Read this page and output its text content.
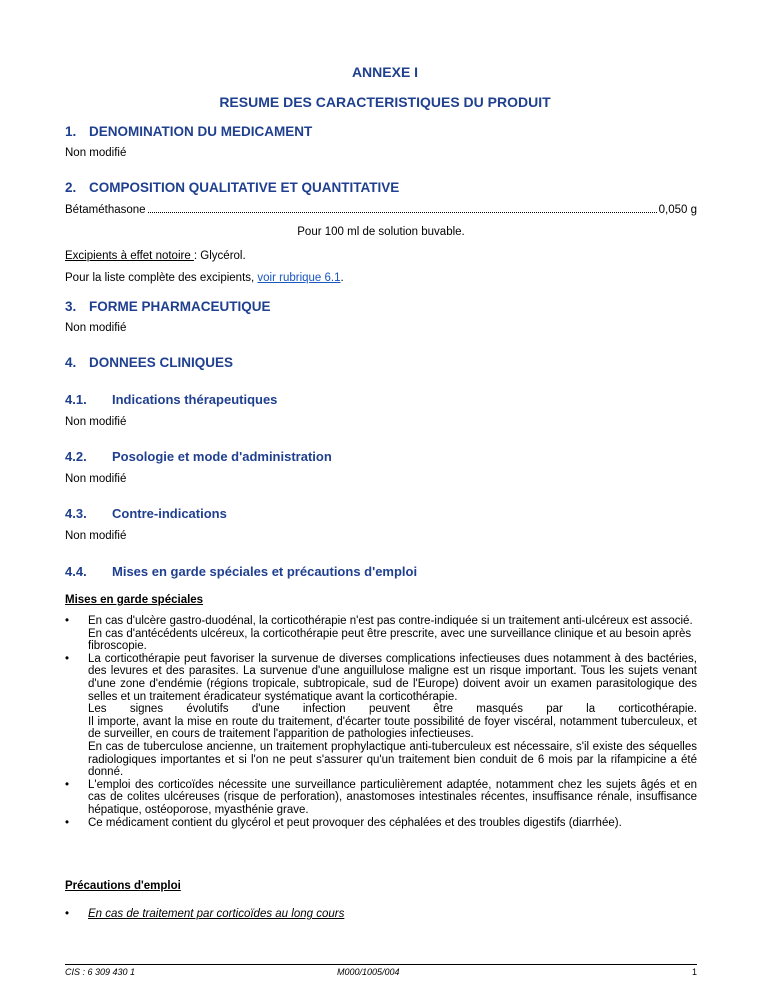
ANNEXE I
RESUME DES CARACTERISTIQUES DU PRODUIT
1. DENOMINATION DU MEDICAMENT
Non modifié
2. COMPOSITION QUALITATIVE ET QUANTITATIVE
Bétaméthasone	0,050 g
Pour 100 ml de solution buvable.
Excipients à effet notoire : Glycérol.
Pour la liste complète des excipients, voir rubrique 6.1.
3. FORME PHARMACEUTIQUE
Non modifié
4. DONNEES CLINIQUES
4.1. Indications thérapeutiques
Non modifié
4.2. Posologie et mode d'administration
Non modifié
4.3. Contre-indications
Non modifié
4.4. Mises en garde spéciales et précautions d'emploi
Mises en garde spéciales
• En cas d'ulcère gastro-duodénal, la corticothérapie n'est pas contre-indiquée si un traitement anti-ulcéreux est associé.
En cas d'antécédents ulcéreux, la corticothérapie peut être prescrite, avec une surveillance clinique et au besoin après fibroscopie.
• La corticothérapie peut favoriser la survenue de diverses complications infectieuses dues notamment à des bactéries, des levures et des parasites. La survenue d'une anguillulose maligne est un risque important. Tous les sujets venant d'une zone d'endémie (régions tropicale, subtropicale, sud de l'Europe) doivent avoir un examen parasitologique des selles et un traitement éradicateur systématique avant la corticothérapie.
Les signes évolutifs d'une infection peuvent être masqués par la corticothérapie.
Il importe, avant la mise en route du traitement, d'écarter toute possibilité de foyer viscéral, notamment tuberculeux, et de surveiller, en cours de traitement l'apparition de pathologies infectieuses.
En cas de tuberculose ancienne, un traitement prophylactique anti-tuberculeux est nécessaire, s'il existe des séquelles radiologiques importantes et si l'on ne peut s'assurer qu'un traitement bien conduit de 6 mois par la rifampicine a été donné.
• L'emploi des corticoïdes nécessite une surveillance particulièrement adaptée, notamment chez les sujets âgés et en cas de colites ulcéreuses (risque de perforation), anastomoses intestinales récentes, insuffisance rénale, insuffisance hépatique, ostéoporose, myasthénie grave.
• Ce médicament contient du glycérol et peut provoquer des céphalées et des troubles digestifs (diarrhée).
Précautions d'emploi
• En cas de traitement par corticoïdes au long cours
CIS : 6 309 430 1	M000/1005/004	1
